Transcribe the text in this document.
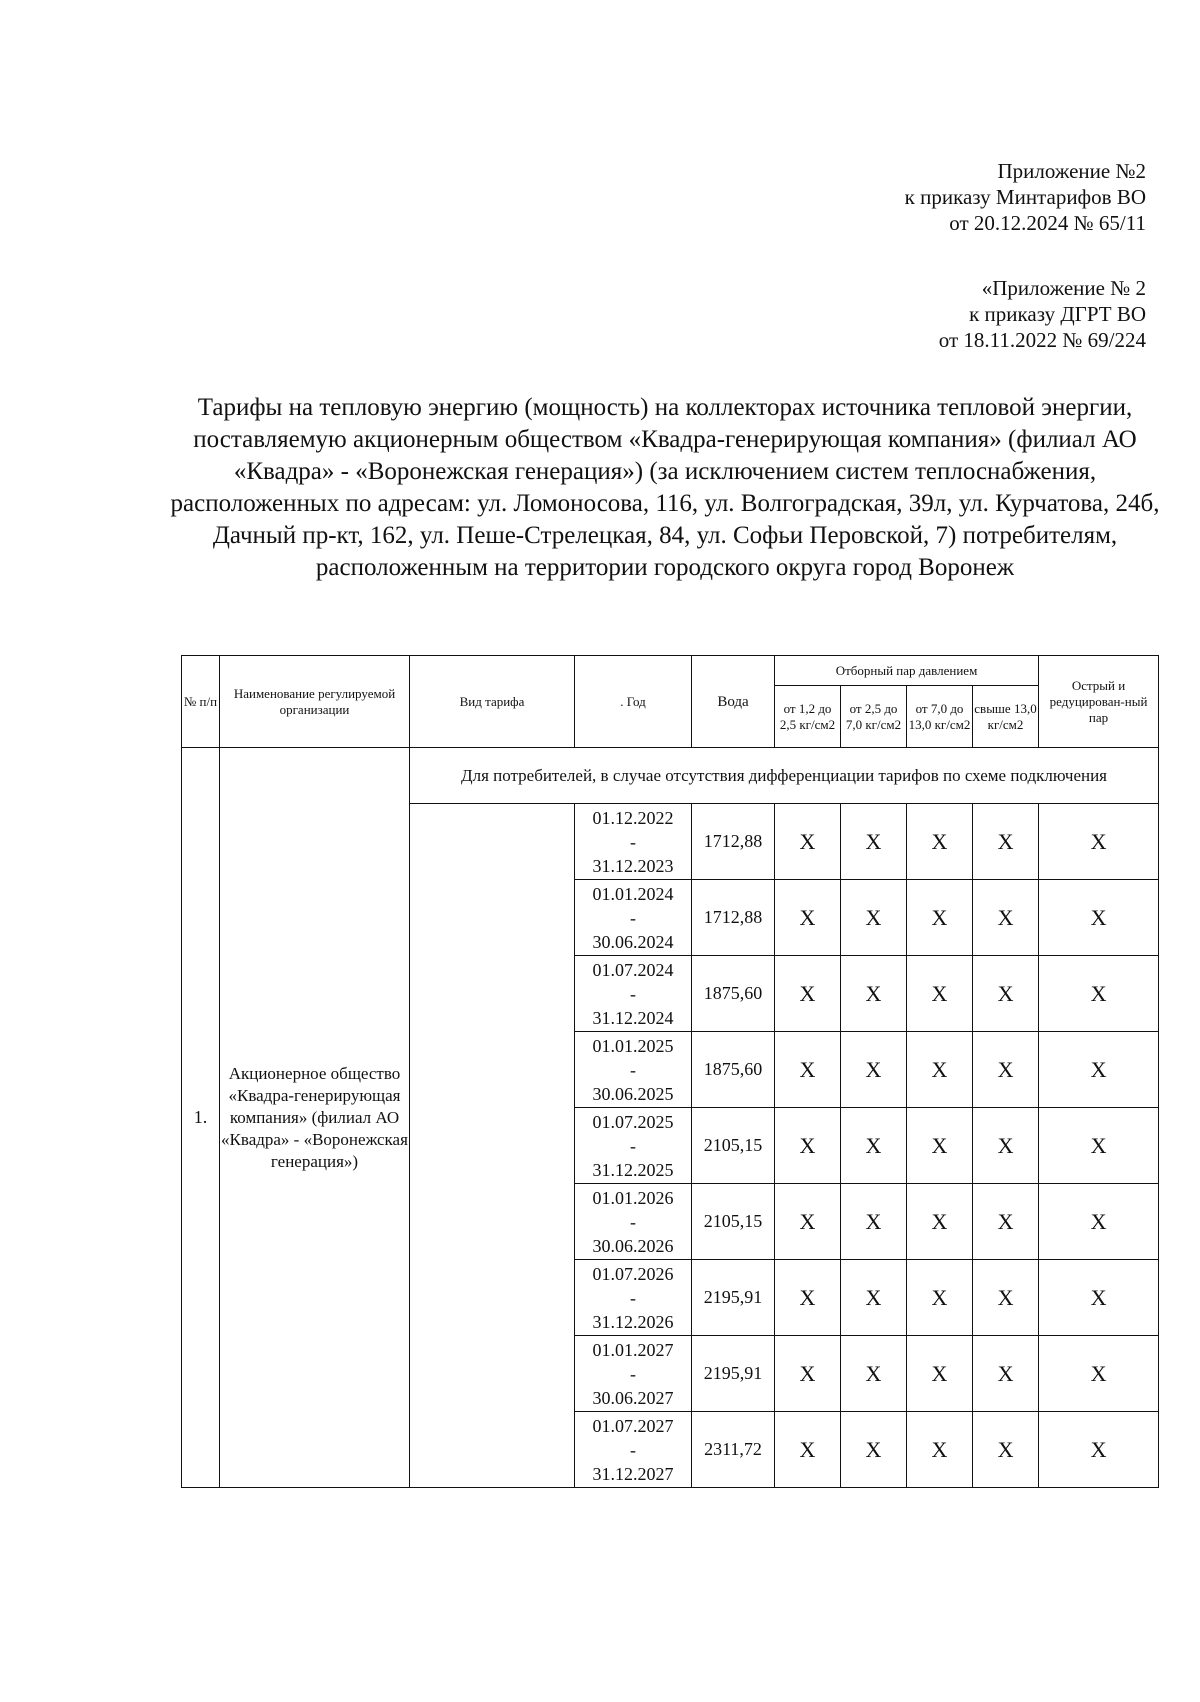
Приложение №2
к приказу Минтарифов ВО
от 20.12.2024 № 65/11
«Приложение № 2
к приказу ДГРТ ВО
от 18.11.2022 № 69/224
Тарифы на тепловую энергию (мощность) на коллекторах источника тепловой энергии, поставляемую акционерным обществом «Квадра-генерирующая компания» (филиал АО «Квадра» - «Воронежская генерация») (за исключением систем теплоснабжения, расположенных по адресам: ул. Ломоносова, 116, ул. Волгоградская, 39л, ул. Курчатова, 24б, Дачный пр-кт, 162, ул. Пеше-Стрелецкая, 84, ул. Софьи Перовской, 7) потребителям, расположенным на территории городского округа город Воронеж
№ п/п	Наименование регулируемой организации	Вид тарифа	. Год	Вода	Отборный пар давлением				Острый и редуцирован-ный пар
					от 1,2 до 2,5 кг/см2	от 2,5 до 7,0 кг/см2	от 7,0 до 13,0 кг/см2	свыше 13,0 кг/см2	
1.	Акционерное общество «Квадра-генерирующая компания» (филиал АО «Квадра» - «Воронежская генерация»)	Для потребителей, в случае отсутствия дифференциации тарифов по схеме подключения							

			01.12.2022
-
31.12.2023	1712,88	X	X	X	X	X

			01.01.2024
-
30.06.2024	1712,88	X	X	X	X	X

			01.07.2024
-
31.12.2024	1875,60	X	X	X	X	X

			01.01.2025
-
30.06.2025	1875,60	X	X	X	X	X

			01.07.2025
-
31.12.2025	2105,15	X	X	X	X	X

			01.01.2026
-
30.06.2026	2105,15	X	X	X	X	X

			01.07.2026
-
31.12.2026	2195,91	X	X	X	X	X

			01.01.2027
-
30.06.2027	2195,91	X	X	X	X	X

			01.07.2027
-
31.12.2027	2311,72	X	X	X	X	X
